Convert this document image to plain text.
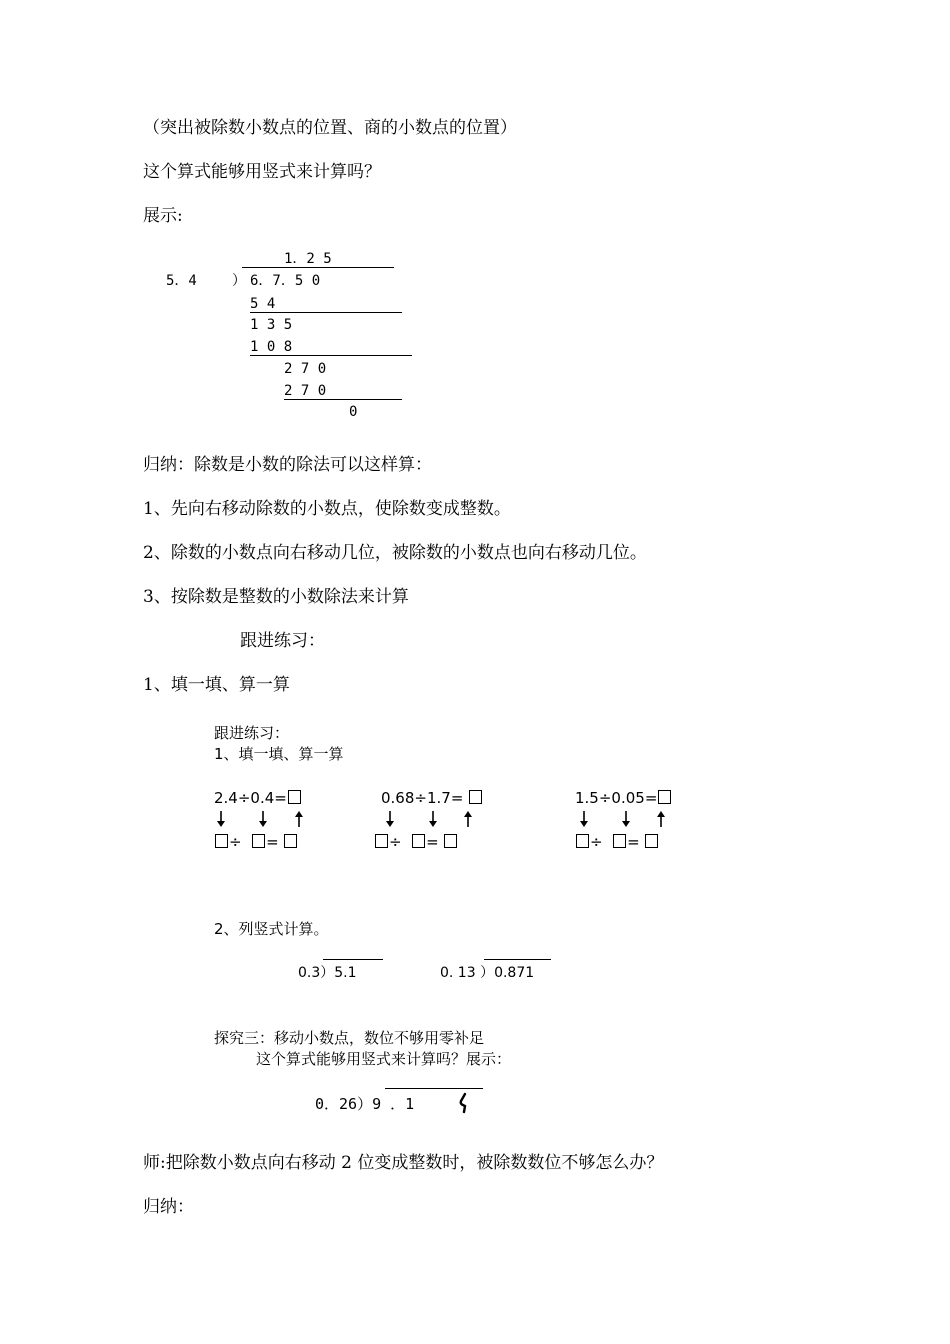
（突出被除数小数点的位置、商的小数点的位置）
这个算式能够用竖式来计算吗？
展示:
1．2 5
5．4	） 6．7．5 0
5 4
1 3 5
1 0 8
2 7 0
2 7 0
0
归纳：除数是小数的除法可以这样算：
1、先向右移动除数的小数点，使除数变成整数。
2、除数的小数点向右移动几位，被除数的小数点也向右移动几位。
3、按除数是整数的小数除法来计算
跟进练习：
1、填一填、算一算
跟进练习：
1、填一填、算一算
2.4÷0.4=
÷ =
0.68÷1.7=
÷ =
1.5÷0.05=
÷ =
2、列竖式计算。
0.3）5.1	0. 13 ）0.871
探究三：移动小数点，数位不够用零补足
这个算式能够用竖式来计算吗？展示：
0．26）9 ．1
师:把除数小数点向右移动 2 位变成整数时，被除数数位不够怎么办？
归纳：
